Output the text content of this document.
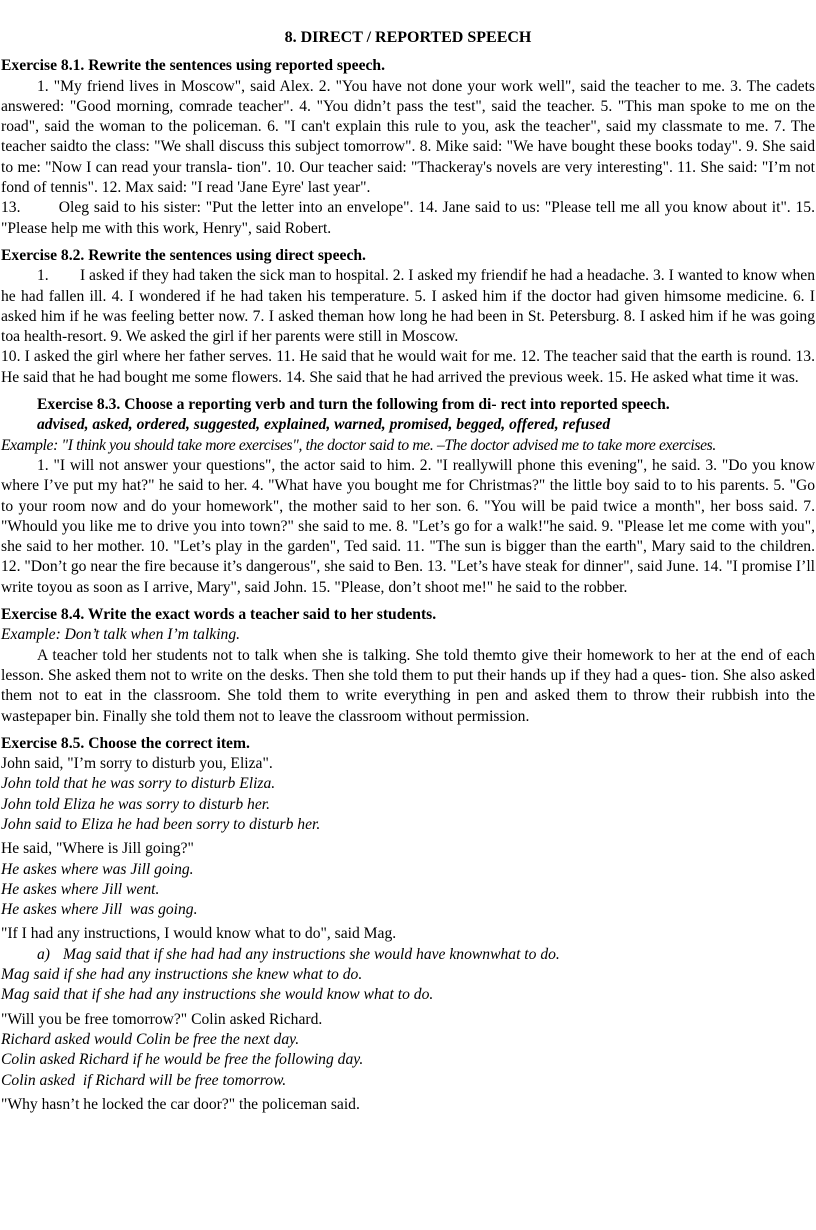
8. DIRECT / REPORTED SPEECH

Exercise 8.1. Rewrite the sentences using reported speech.

1. "My friend lives in Moscow", said Alex. 2. "You have not done your work well", said the teacher to me. 3. The cadets answered: "Good morning, comrade teacher". 4. "You didn’t pass the test", said the teacher. 5. "This man spoke to me on the road", said the woman to the policeman. 6. "I can't explain this rule to you, ask the teacher", said my classmate to me. 7. The teacher saidto the class: "We shall discuss this subject tomorrow". 8. Mike said: "We have bought these books today". 9. She said to me: "Now I can read your transla- tion". 10. Our teacher said: "Thackeray's novels are very interesting". 11. She said: "I’m not fond of tennis". 12. Max said: "I read 'Jane Eyre' last year".

13.        Oleg said to his sister: "Put the letter into an envelope". 14. Jane said to us: "Please tell me all you know about it". 15. "Please help me with this work, Henry", said Robert.

Exercise 8.2. Rewrite the sentences using direct speech.

1.        I asked if they had taken the sick man to hospital. 2. I asked my friendif he had a headache. 3. I wanted to know when he had fallen ill. 4. I wondered if he had taken his temperature. 5. I asked him if the doctor had given himsome medicine. 6. I asked him if he was feeling better now. 7. I asked theman how long he had been in St. Petersburg. 8. I asked him if he was going toa health-resort. 9. We asked the girl if her parents were still in Moscow.

10. I asked the girl where her father serves. 11. He said that he would wait for me. 12. The teacher said that the earth is round. 13. He said that he had bought me some flowers. 14. She said that he had arrived the previous week. 15. He asked what time it was.

Exercise 8.3. Choose a reporting verb and turn the following from di- rect into reported speech.

advised, asked, ordered, suggested, explained, warned, promised, begged, offered, refused

Example: "I think you should take more exercises", the doctor said to me. –The doctor advised me to take more exercises.

1. "I will not answer your questions", the actor said to him. 2. "I reallywill phone this evening", he said. 3. "Do you know where I’ve put my hat?" he said to her. 4. "What have you bought me for Christmas?" the little boy said to to his parents. 5. "Go to your room now and do your homework", the mother said to her son. 6. "You will be paid twice a month", her boss said. 7. "Whould you like me to drive you into town?" she said to me. 8. "Let’s go for a walk!"he said. 9. "Please let me come with you", she said to her mother. 10. "Let’s play in the garden", Ted said. 11. "The sun is bigger than the earth", Mary said to the children. 12. "Don’t go near the fire because it’s dangerous", she said to Ben. 13. "Let’s have steak for dinner", said June. 14. "I promise I’ll write toyou as soon as I arrive, Mary", said John. 15. "Please, don’t shoot me!" he said to the robber.

Exercise 8.4. Write the exact words a teacher said to her students.

Example: Don’t talk when I’m talking.

A teacher told her students not to talk when she is talking. She told themto give their homework to her at the end of each lesson. She asked them not to write on the desks. Then she told them to put their hands up if they had a ques- tion. She also asked them not to eat in the classroom. She told them to write everything in pen and asked them to throw their rubbish into the wastepaper bin. Finally she told them not to leave the classroom without permission.

Exercise 8.5. Choose the correct item.

John said, "I’m sorry to disturb you, Eliza".

John told that he was sorry to disturb Eliza.

John told Eliza he was sorry to disturb her.

John said to Eliza he had been sorry to disturb her.

He said, "Where is Jill going?"

He askes where was Jill going.

He askes where Jill went.

He askes where Jill  was going.

"If I had any instructions, I would know what to do", said Mag.

a) Mag said that if she had had any instructions she would have knownwhat to do.

Mag said if she had any instructions she knew what to do.

Mag said that if she had any instructions she would know what to do.

"Will you be free tomorrow?" Colin asked Richard.

Richard asked would Colin be free the next day.

Colin asked Richard if he would be free the following day.

Colin asked  if Richard will be free tomorrow.

"Why hasn’t he locked the car door?" the policeman said.
